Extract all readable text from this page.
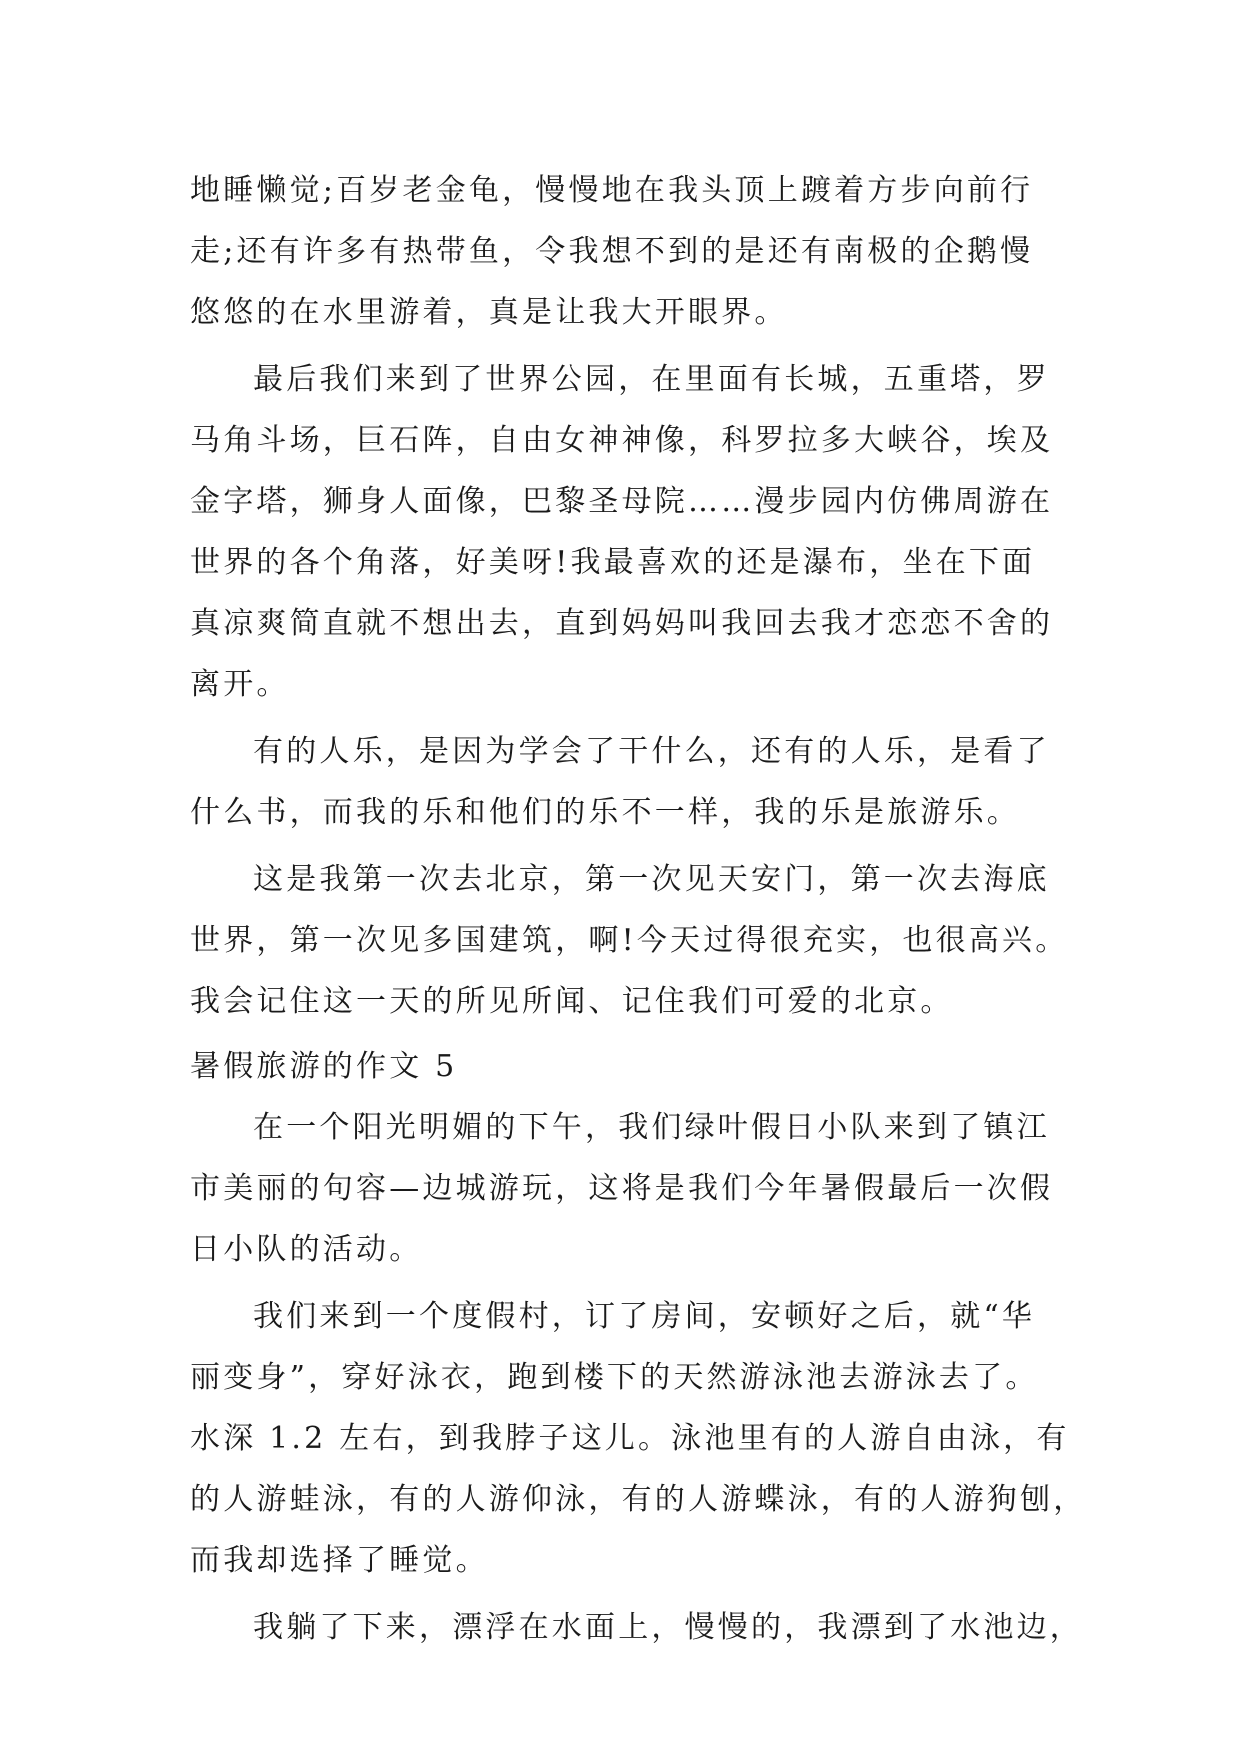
地睡懒觉;百岁老金龟，慢慢地在我头顶上踱着方步向前行
走;还有许多有热带鱼，令我想不到的是还有南极的企鹅慢
悠悠的在水里游着，真是让我大开眼界。
最后我们来到了世界公园，在里面有长城，五重塔，罗
马角斗场，巨石阵，自由女神神像，科罗拉多大峡谷，埃及
金字塔，狮身人面像，巴黎圣母院……漫步园内仿佛周游在
世界的各个角落，好美呀!我最喜欢的还是瀑布，坐在下面
真凉爽简直就不想出去，直到妈妈叫我回去我才恋恋不舍的
离开。
有的人乐，是因为学会了干什么，还有的人乐，是看了
什么书，而我的乐和他们的乐不一样，我的乐是旅游乐。
这是我第一次去北京，第一次见天安门，第一次去海底
世界，第一次见多国建筑，啊!今天过得很充实，也很高兴。
我会记住这一天的所见所闻、记住我们可爱的北京。
暑假旅游的作文 5
在一个阳光明媚的下午，我们绿叶假日小队来到了镇江
市美丽的句容—边城游玩，这将是我们今年暑假最后一次假
日小队的活动。
我们来到一个度假村，订了房间，安顿好之后，就“华
丽变身”，穿好泳衣，跑到楼下的天然游泳池去游泳去了。
水深 1.2 左右，到我脖子这儿。泳池里有的人游自由泳，有
的人游蛙泳，有的人游仰泳，有的人游蝶泳，有的人游狗刨，
而我却选择了睡觉。
我躺了下来，漂浮在水面上，慢慢的，我漂到了水池边，
